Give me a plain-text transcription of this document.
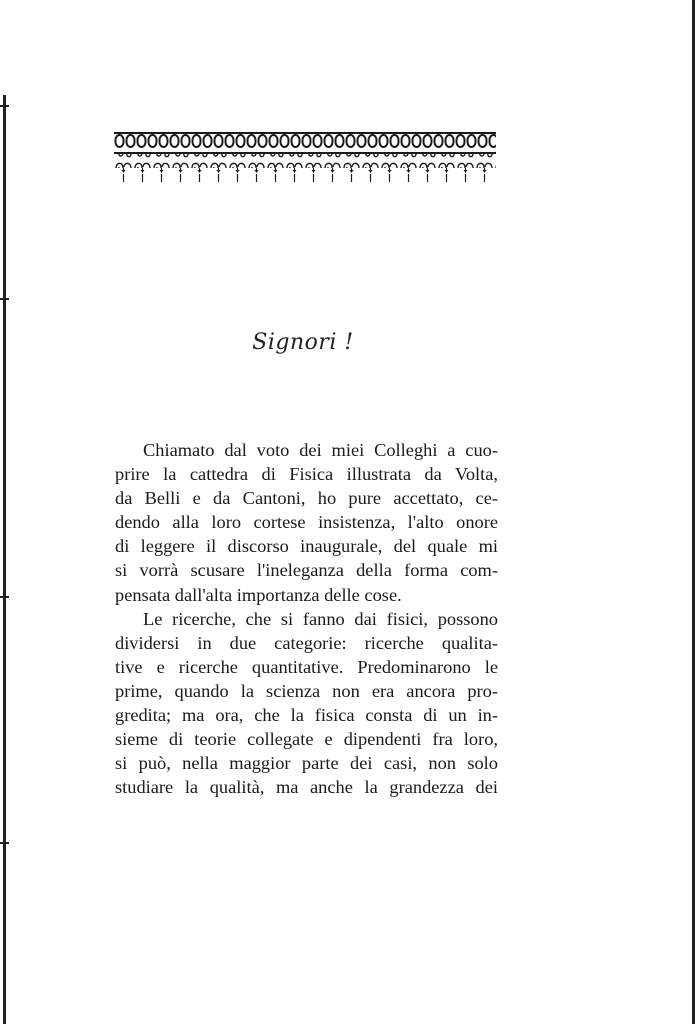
Signori !
Chiamato dal voto dei miei Colleghi a cuo-
prire la cattedra di Fisica illustrata da Volta,
da Belli e da Cantoni, ho pure accettato, ce-
dendo alla loro cortese insistenza, l'alto onore
di leggere il discorso inaugurale, del quale mi
si vorrà scusare l'ineleganza della forma com-
pensata dall'alta importanza delle cose.
Le ricerche, che si fanno dai fisici, possono
dividersi in due categorie: ricerche qualita-
tive e ricerche quantitative. Predominarono le
prime, quando la scienza non era ancora pro-
gredita; ma ora, che la fisica consta di un in-
sieme di teorie collegate e dipendenti fra loro,
si può, nella maggior parte dei casi, non solo
studiare la qualità, ma anche la grandezza dei
